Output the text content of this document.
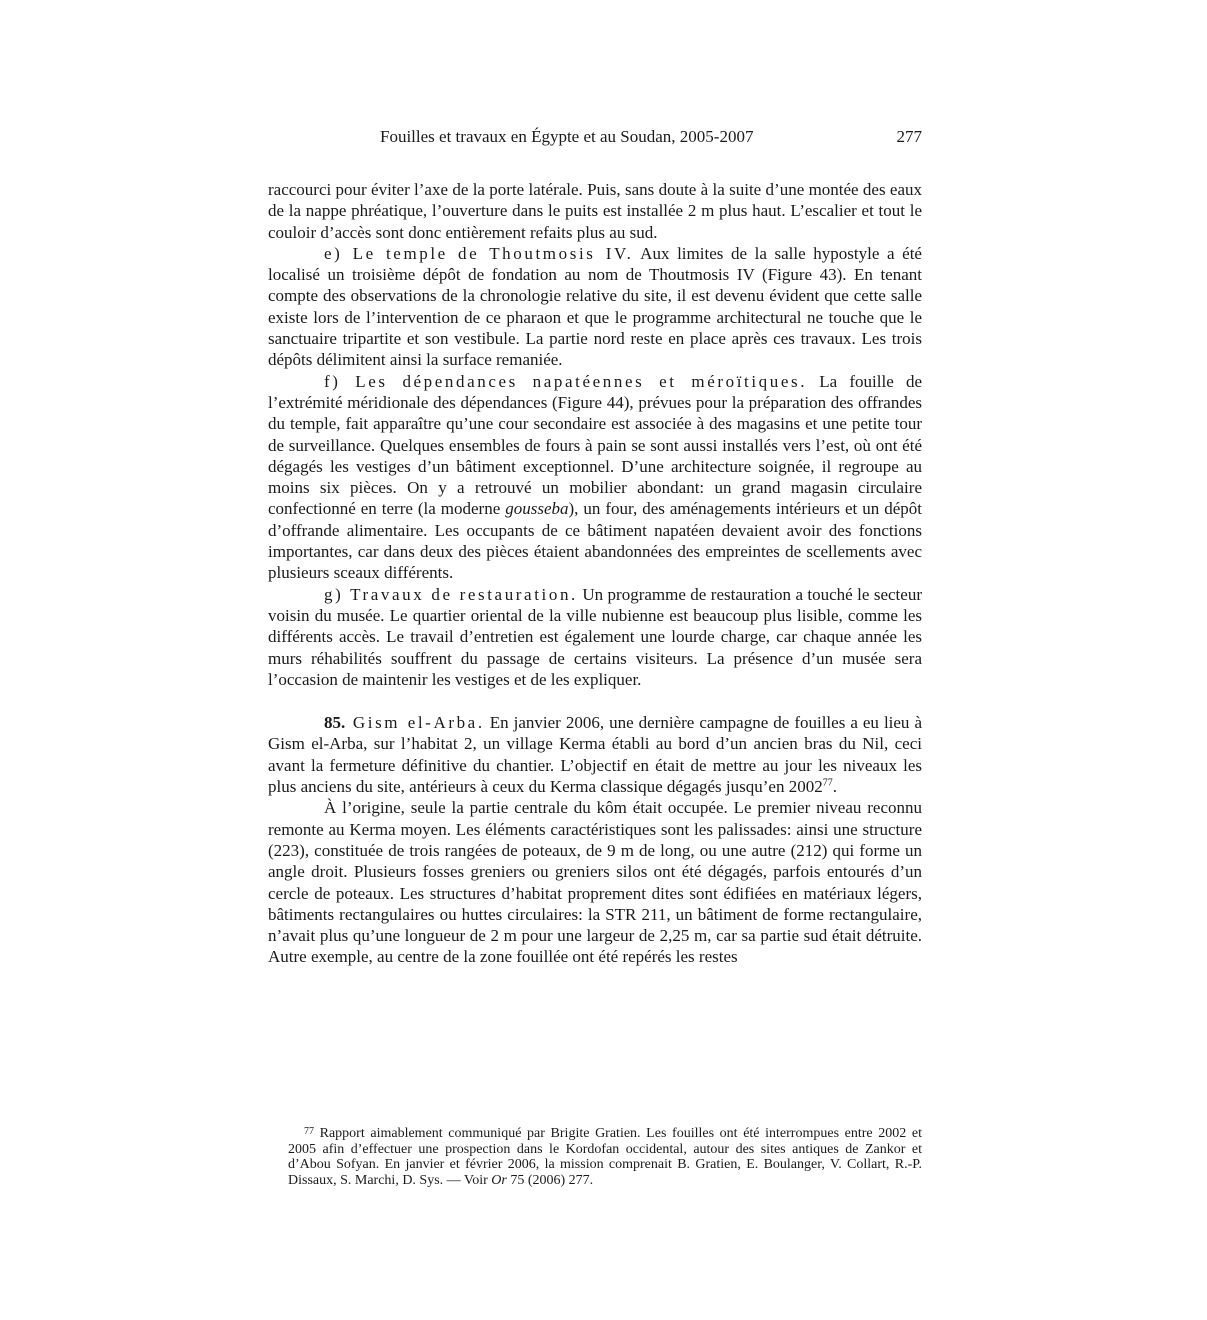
Fouilles et travaux en Égypte et au Soudan, 2005-2007	277

raccourci pour éviter l’axe de la porte latérale. Puis, sans doute à la suite d’une montée des eaux de la nappe phréatique, l’ouverture dans le puits est installée 2 m plus haut. L’escalier et tout le couloir d’accès sont donc entièrement refaits plus au sud.

e) Le temple de Thoutmosis IV. Aux limites de la salle hypostyle a été localisé un troisième dépôt de fondation au nom de Thoutmosis IV (Figure 43). En tenant compte des observations de la chronologie relative du site, il est devenu évident que cette salle existe lors de l’intervention de ce pharaon et que le programme architectural ne touche que le sanctuaire tripartite et son vestibule. La partie nord reste en place après ces travaux. Les trois dépôts délimitent ainsi la surface remaniée.

f) Les dépendances napatéennes et méroïtiques. La fouille de l’extrémité méridionale des dépendances (Figure 44), prévues pour la préparation des offrandes du temple, fait apparaître qu’une cour secondaire est associée à des magasins et une petite tour de surveillance. Quelques ensembles de fours à pain se sont aussi installés vers l’est, où ont été dégagés les vestiges d’un bâtiment exceptionnel. D’une architecture soignée, il regroupe au moins six pièces. On y a retrouvé un mobilier abondant: un grand magasin circulaire confectionné en terre (la moderne gousseba), un four, des aménagements intérieurs et un dépôt d’offrande alimentaire. Les occupants de ce bâtiment napatéen devaient avoir des fonctions importantes, car dans deux des pièces étaient abandonnées des empreintes de scellements avec plusieurs sceaux différents.

g) Travaux de restauration. Un programme de restauration a touché le secteur voisin du musée. Le quartier oriental de la ville nubienne est beaucoup plus lisible, comme les différents accès. Le travail d’entretien est également une lourde charge, car chaque année les murs réhabilités souffrent du passage de certains visiteurs. La présence d’un musée sera l’occasion de maintenir les vestiges et de les expliquer.

85. Gism el-Arba. En janvier 2006, une dernière campagne de fouilles a eu lieu à Gism el-Arba, sur l’habitat 2, un village Kerma établi au bord d’un ancien bras du Nil, ceci avant la fermeture définitive du chantier. L’objectif en était de mettre au jour les niveaux les plus anciens du site, antérieurs à ceux du Kerma classique dégagés jusqu’en 2002$^{77}$.

À l’origine, seule la partie centrale du kôm était occupée. Le premier niveau reconnu remonte au Kerma moyen. Les éléments caractéristiques sont les palissades: ainsi une structure (223), constituée de trois rangées de poteaux, de 9 m de long, ou une autre (212) qui forme un angle droit. Plusieurs fosses greniers ou greniers silos ont été dégagés, parfois entourés d’un cercle de poteaux. Les structures d’habitat proprement dites sont édifiées en matériaux légers, bâtiments rectangulaires ou huttes circulaires: la STR 211, un bâtiment de forme rectangulaire, n’avait plus qu’une longueur de 2 m pour une largeur de 2,25 m, car sa partie sud était détruite. Autre exemple, au centre de la zone fouillée ont été repérés les restes

$^{77}$ Rapport aimablement communiqué par Brigite Gratien. Les fouilles ont été interrompues entre 2002 et 2005 afin d’effectuer une prospection dans le Kordofan occidental, autour des sites antiques de Zankor et d’Abou Sofyan. En janvier et février 2006, la mission comprenait B. Gratien, E. Boulanger, V. Collart, R.-P. Dissaux, S. Marchi, D. Sys. — Voir Or 75 (2006) 277.
